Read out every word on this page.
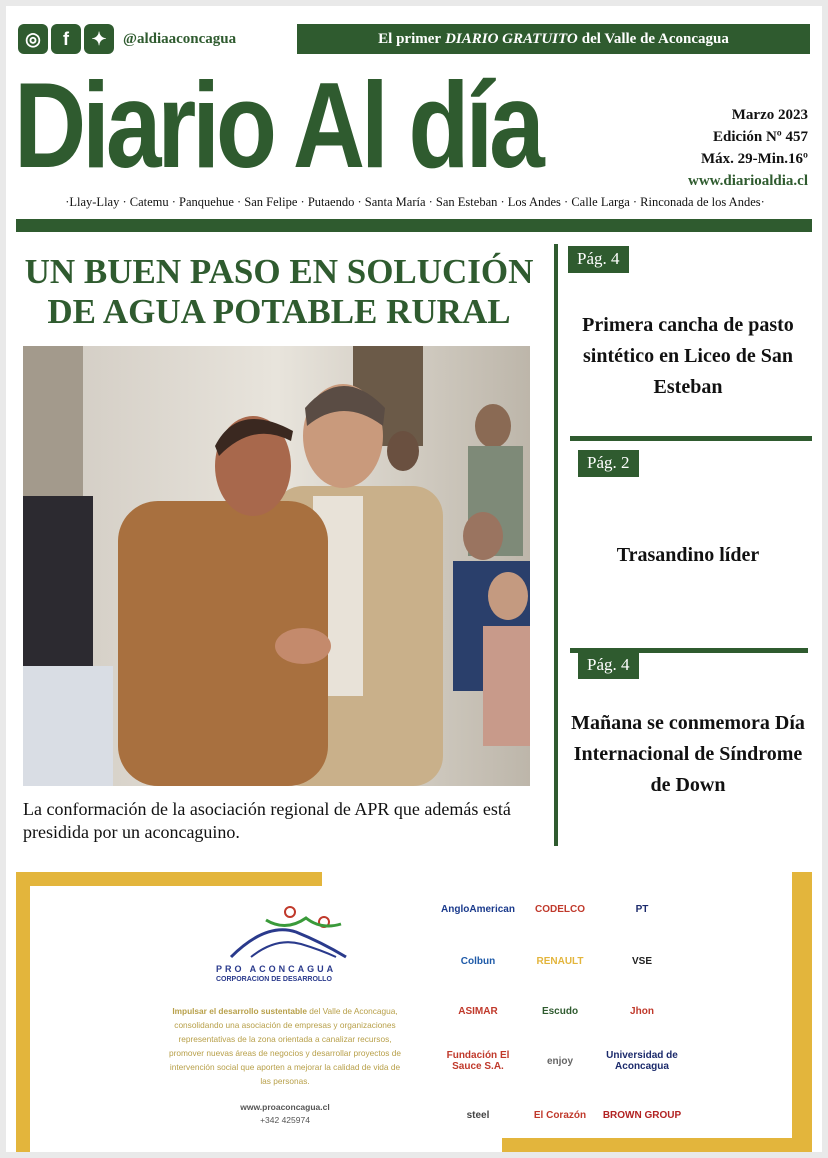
◎	f	✦	@aldiaaconcagua	El primer DIARIO GRATUITO del Valle de Aconcagua
Diario Al día	Marzo 2023
Edición Nº 457
Máx. 29-Min.16º
www.diarioaldia.cl
·Llay-Llay · Catemu · Panquehue · San Felipe · Putaendo · Santa María · San Esteban · Los Andes · Calle Larga · Rinconada de los Andes·
UN BUEN PASO EN SOLUCIÓN DE AGUA POTABLE RURAL
La conformación de la asociación regional de APR que además está presidida por un aconcaguino.
Pág. 4
Primera cancha de pasto sintético en Liceo de San Esteban
Pág. 2
Trasandino líder
Pág. 4
Mañana se conmemora Día Internacional de Síndrome de Down
PRO ACONCAGUA
CORPORACION DE DESARROLLO
Impulsar el desarrollo sustentable del Valle de Aconcagua, consolidando una asociación de empresas y organizaciones representativas de la zona orientada a canalizar recursos, promover nuevas áreas de negocios y desarrollar proyectos de intervención social que aporten a mejorar la calidad de vida de las personas.
www.proaconcagua.cl
+342 425974
AngloAmerican	CODELCO	PT
Colbun	RENAULT	VSE
ASIMAR	Escudo	Jhon
Fundación El Sauce S.A.	enjoy	Universidad de Aconcagua
steel	El Corazón	BROWN GROUP
